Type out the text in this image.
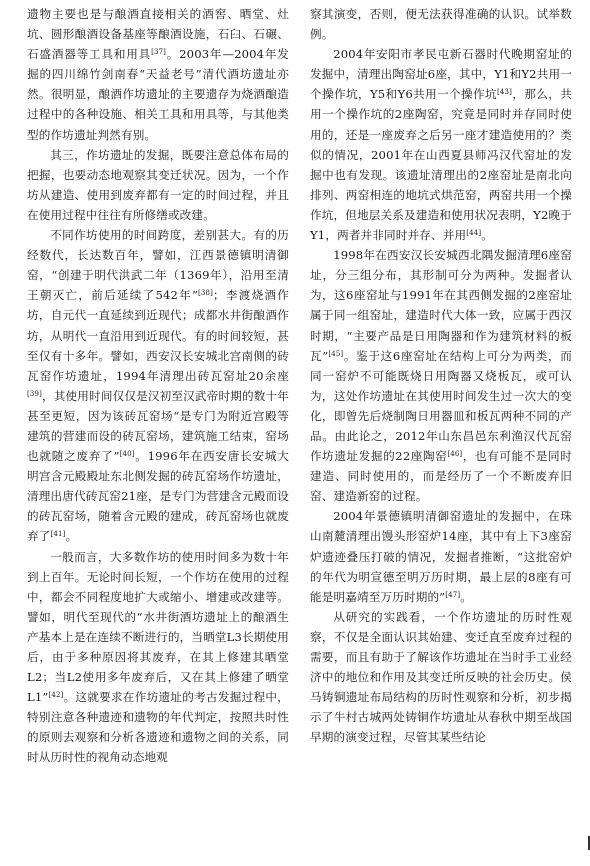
遗物主要也是与酿酒直接相关的酒窖、晒堂、灶坑、圆形酿酒设备基座等酿酒设施，石臼、石碾、石盛酒器等工具和用具[37]。2003年—2004年发掘的四川绵竹剑南春“天益老号”清代酒坊遗址亦然。很明显，酿酒作坊遗址的主要遗存为烧酒酿造过程中的各种设施、相关工具和用具等，与其他类型的作坊遗址判然有别。

其三，作坊遗址的发掘，既要注意总体布局的把握，也要动态地观察其变迁状况。因为，一个作坊从建造、使用到废弃都有一定的时间过程，并且在使用过程中往往有所修缮或改建。

不同作坊使用的时间跨度，差别甚大。有的历经数代，长达数百年，譬如，江西景德镇明清御窑，“创建于明代洪武二年（1369年），沿用至清王朝灭亡，前后延续了542年”[38]；李渡烧酒作坊，自元代一直延续到近现代；成都水井街酿酒作坊，从明代一直沿用到近现代。有的时间较短，甚至仅有十多年。譬如，西安汉长安城北宫南侧的砖瓦窑作坊遗址，1994年清理出砖瓦窑址20余座[39]，其使用时间仅仅是汉初至汉武帝时期的数十年甚至更短，因为该砖瓦窑场“是专门为附近宫殿等建筑的营建而设的砖瓦窑场，建筑施工结束，窑场也就随之废弃了”[40]。1996年在西安唐长安城大明宫含元殿殿址东北侧发掘的砖瓦窑场作坊遗址，清理出唐代砖瓦窑21座，是专门为营建含元殿而设的砖瓦窑场，随着含元殿的建成，砖瓦窑场也就废弃了[41]。

一般而言，大多数作坊的使用时间多为数十年到上百年。无论时间长短，一个作坊在使用的过程中，都会不同程度地扩大或缩小、增建或改建等。譬如，明代至现代的“水井街酒坊遗址上的酿酒生产基本上是在连续不断进行的，当晒堂L3长期使用后，由于多种原因将其废弃，在其上修建其晒堂L2；当L2使用多年废弃后，又在其上修建了晒堂L1”[42]。这就要求在作坊遗址的考古发掘过程中，特别注意各种遗迹和遗物的年代判定，按照共时性的原则去观察和分析各遗迹和遗物之间的关系，同时从历时性的视角动态地观

察其演变，否则，便无法获得准确的认识。试举数例。

2004年安阳市孝民屯新石器时代晚期窑址的发掘中，清理出陶窑址6座，其中，Y1和Y2共用一个操作坑，Y5和Y6共用一个操作坑[43]，那么，共用一个操作坑的2座陶窑，究竟是同时并存同时使用的，还是一座废弃之后另一座才建造使用的？类似的情况，2001年在山西夏县师冯汉代窑址的发掘中也有发现。该遗址清理出的2座窑址是南北向排列、两窑相连的地坑式烘范窑，两窑共用一个操作坑，但地层关系及建造和使用状况表明，Y2晚于Y1，两者并非同时并存、并用[44]。

1998年在西安汉长安城西北隅发掘清理6座窑址，分三组分布，其形制可分为两种。发掘者认为，这6座窑址与1991年在其西侧发掘的2座窑址属于同一组窑址，建造时代大体一致，应属于西汉时期，“主要产品是日用陶器和作为建筑材料的板瓦”[45]。鉴于这6座窑址在结构上可分为两类，而同一窑炉不可能既烧日用陶器又烧板瓦，或可认为，这处作坊遗址在其使用时间发生过一次大的变化，即曾先后烧制陶日用器皿和板瓦两种不同的产品。由此论之，2012年山东昌邑东利渔汉代瓦窑作坊遗址发掘的22座陶窑[46]，也有可能不是同时建造、同时使用的，而是经历了一个不断废弃旧窑、建造新窑的过程。

2004年景德镇明清御窑遗址的发掘中，在珠山南麓清理出馒头形窑炉14座，其中有上下3座窑炉遗迹叠压打破的情况，发掘者推断，“这批窑炉的年代为明宣德至明万历时期，最上层的8座有可能是明嘉靖至万历时期的”[47]。

从研究的实践看，一个作坊遗址的历时性观察，不仅是全面认识其始建、变迁直至废弃过程的需要，而且有助于了解该作坊遗址在当时手工业经济中的地位和作用及其变迁所反映的社会历史。侯马铸铜遗址布局结构的历时性观察和分析，初步揭示了牛村古城两处铸铜作坊遗址从春秋中期至战国早期的演变过程，尽管其某些结论
